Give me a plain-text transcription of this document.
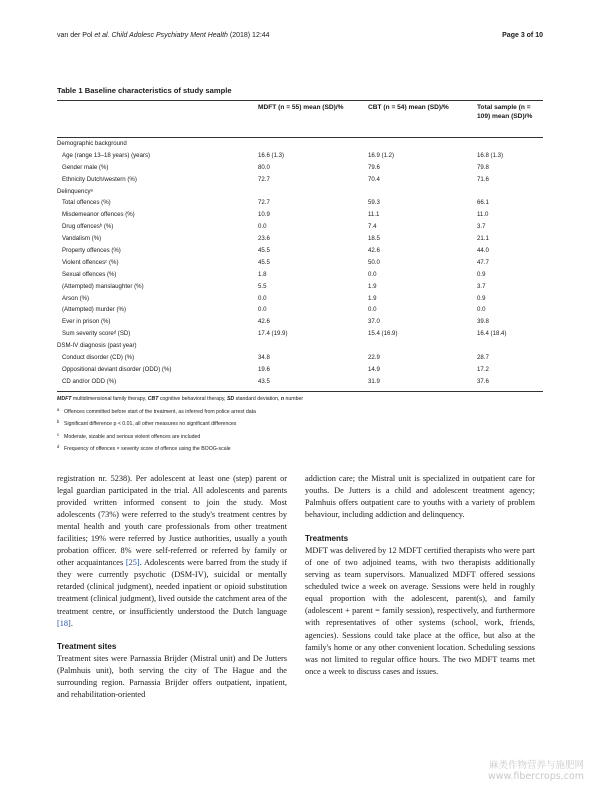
van der Pol et al. Child Adolesc Psychiatry Ment Health (2018) 12:44	Page 3 of 10
Table 1 Baseline characteristics of study sample
MDFT (n = 55) mean (SD)/%	CBT (n = 54) mean (SD)/%	Total sample (n = 109) mean (SD)/%
Demographic background
Age (range 13–18 years) (years)	16.6 (1.3)	16.9 (1.2)	16.8 (1.3)
Gender male (%)	80.0	79.6	79.8
Ethnicity Dutch/western (%)	72.7	70.4	71.6
Delinquencyᵃ
Total offences (%)	72.7	59.3	66.1
Misdemeanor offences (%)	10.9	11.1	11.0
Drug offencesᵇ (%)	0.0	7.4	3.7
Vandalism (%)	23.6	18.5	21.1
Property offences (%)	45.5	42.6	44.0
Violent offencesᶜ (%)	45.5	50.0	47.7
Sexual offences (%)	1.8	0.0	0.9
(Attempted) manslaughter (%)	5.5	1.9	3.7
Arson (%)	0.0	1.9	0.9
(Attempted) murder (%)	0.0	0.0	0.0
Ever in prison (%)	42.6	37.0	39.8
Sum severity scoreᵈ (SD)	17.4 (19.9)	15.4 (16.9)	16.4 (18.4)
DSM-IV diagnosis (past year)
Conduct disorder (CD) (%)	34.8	22.9	28.7
Oppositional deviant disorder (ODD) (%)	19.6	14.9	17.2
CD and/or ODD (%)	43.5	31.9	37.6
MDFT multidimensional family therapy, CBT cognitive behavioral therapy, SD standard deviation, n number
a Offences committed before start of the treatment, as inferred from police arrest data
b Significant difference p < 0.01, all other measures no significant differences
c Moderate, sizable and serious violent offences are included
d Frequency of offences × severity score of offence using the BOOG-scale

registration nr. 5238). Per adolescent at least one (step) parent or legal guardian participated in the trial. All adolescents and parents provided written informed consent to join the study. Most adolescents (73%) were referred to the study's treatment centres by mental health and youth care professionals from other treatment facilities; 19% were referred by Justice authorities, usually a youth probation officer. 8% were self-referred or referred by family or other acquaintances [25]. Adolescents were barred from the study if they were currently psychotic (DSM-IV), suicidal or mentally retarded (clinical judgment), needed inpatient or opioid substitution treatment (clinical judgment), lived outside the catchment area of the treatment centre, or insufficiently understood the Dutch language [18].

Treatment sites

Treatment sites were Parnassia Brijder (Mistral unit) and De Jutters (Palmhuis unit), both serving the city of The Hague and the surrounding region. Parnassia Brijder offers outpatient, inpatient, and rehabilitation-oriented

addiction care; the Mistral unit is specialized in outpatient care for youths. De Jutters is a child and adolescent treatment agency; Palmhuis offers outpatient care to youths with a variety of problem behaviour, including addiction and delinquency.

Treatments

MDFT was delivered by 12 MDFT certified therapists who were part of one of two adjoined teams, with two therapists additionally serving as team supervisors. Manualized MDFT offered sessions scheduled twice a week on average. Sessions were held in roughly equal proportion with the adolescent, parent(s), and family (adolescent + parent = family session), respectively, and furthermore with representatives of other systems (school, work, friends, agencies). Sessions could take place at the office, but also at the family's home or any other convenient location. Scheduling sessions was not limited to regular office hours. The two MDFT teams met once a week to discuss cases and issues.

麻类作物营养与施肥网
www.fibercrops.com
